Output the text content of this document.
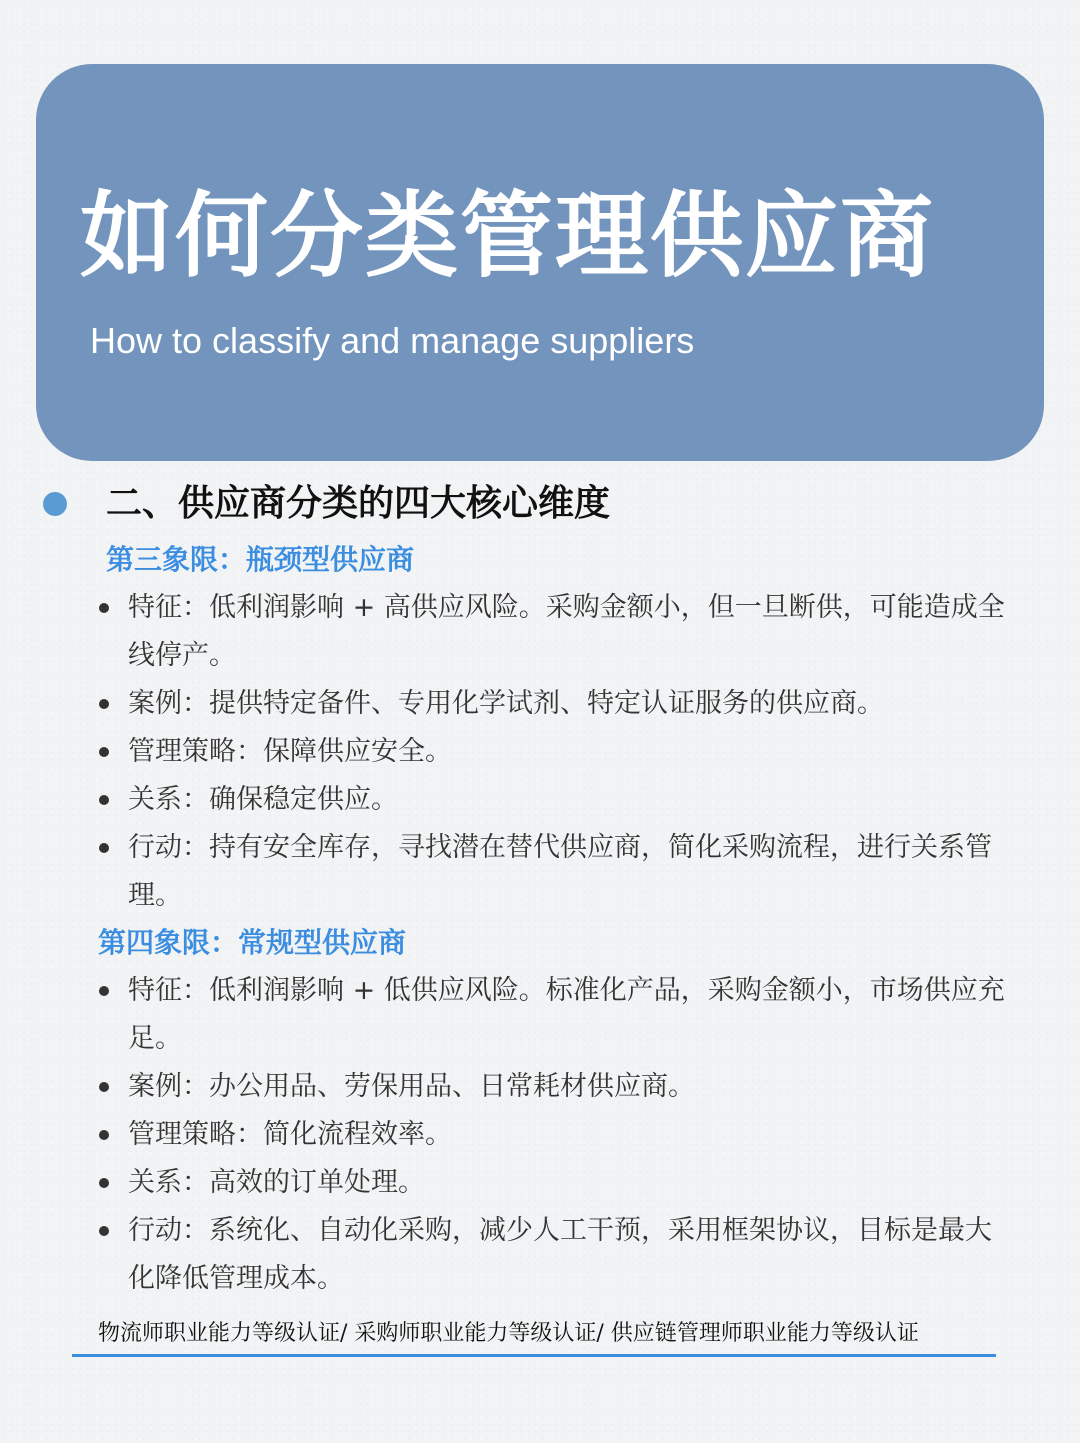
如何分类管理供应商
How to classify and manage suppliers
二、供应商分类的四大核心维度
第三象限：瓶颈型供应商
特征：低利润影响 + 高供应风险。采购金额小，但一旦断供，可能造成全线停产。
案例：提供特定备件、专用化学试剂、特定认证服务的供应商。
管理策略：保障供应安全。
关系：确保稳定供应。
行动：持有安全库存，寻找潜在替代供应商，简化采购流程，进行关系管理。
第四象限：常规型供应商
特征：低利润影响 + 低供应风险。标准化产品，采购金额小，市场供应充足。
案例：办公用品、劳保用品、日常耗材供应商。
管理策略：简化流程效率。
关系：高效的订单处理。
行动：系统化、自动化采购，减少人工干预，采用框架协议，目标是最大化降低管理成本。
物流师职业能力等级认证/ 采购师职业能力等级认证/ 供应链管理师职业能力等级认证
